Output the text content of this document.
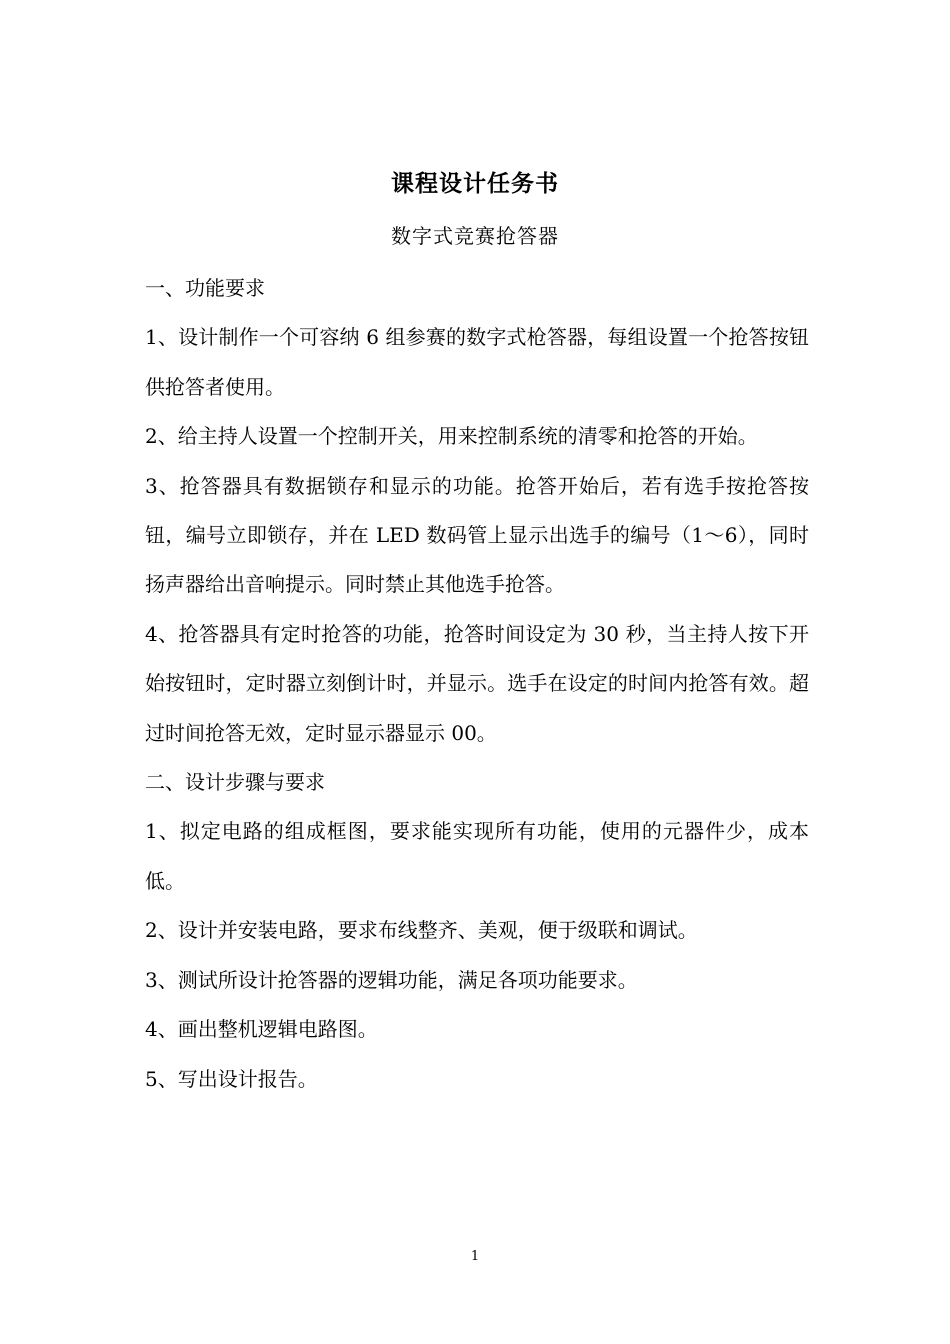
课程设计任务书
数字式竞赛抢答器

一、功能要求

1、设计制作一个可容纳 6 组参赛的数字式枪答器，每组设置一个抢答按钮供抢答者使用。

2、给主持人设置一个控制开关，用来控制系统的清零和抢答的开始。

3、抢答器具有数据锁存和显示的功能。抢答开始后，若有选手按抢答按钮，编号立即锁存，并在 LED 数码管上显示出选手的编号（1～6），同时扬声器给出音响提示。同时禁止其他选手抢答。

4、抢答器具有定时抢答的功能，抢答时间设定为 30 秒，当主持人按下开始按钮时，定时器立刻倒计时，并显示。选手在设定的时间内抢答有效。超过时间抢答无效，定时显示器显示 00。

二、设计步骤与要求

1、拟定电路的组成框图，要求能实现所有功能，使用的元器件少，成本低。

2、设计并安装电路，要求布线整齐、美观，便于级联和调试。

3、测试所设计抢答器的逻辑功能，满足各项功能要求。

4、画出整机逻辑电路图。

5、写出设计报告。

1
